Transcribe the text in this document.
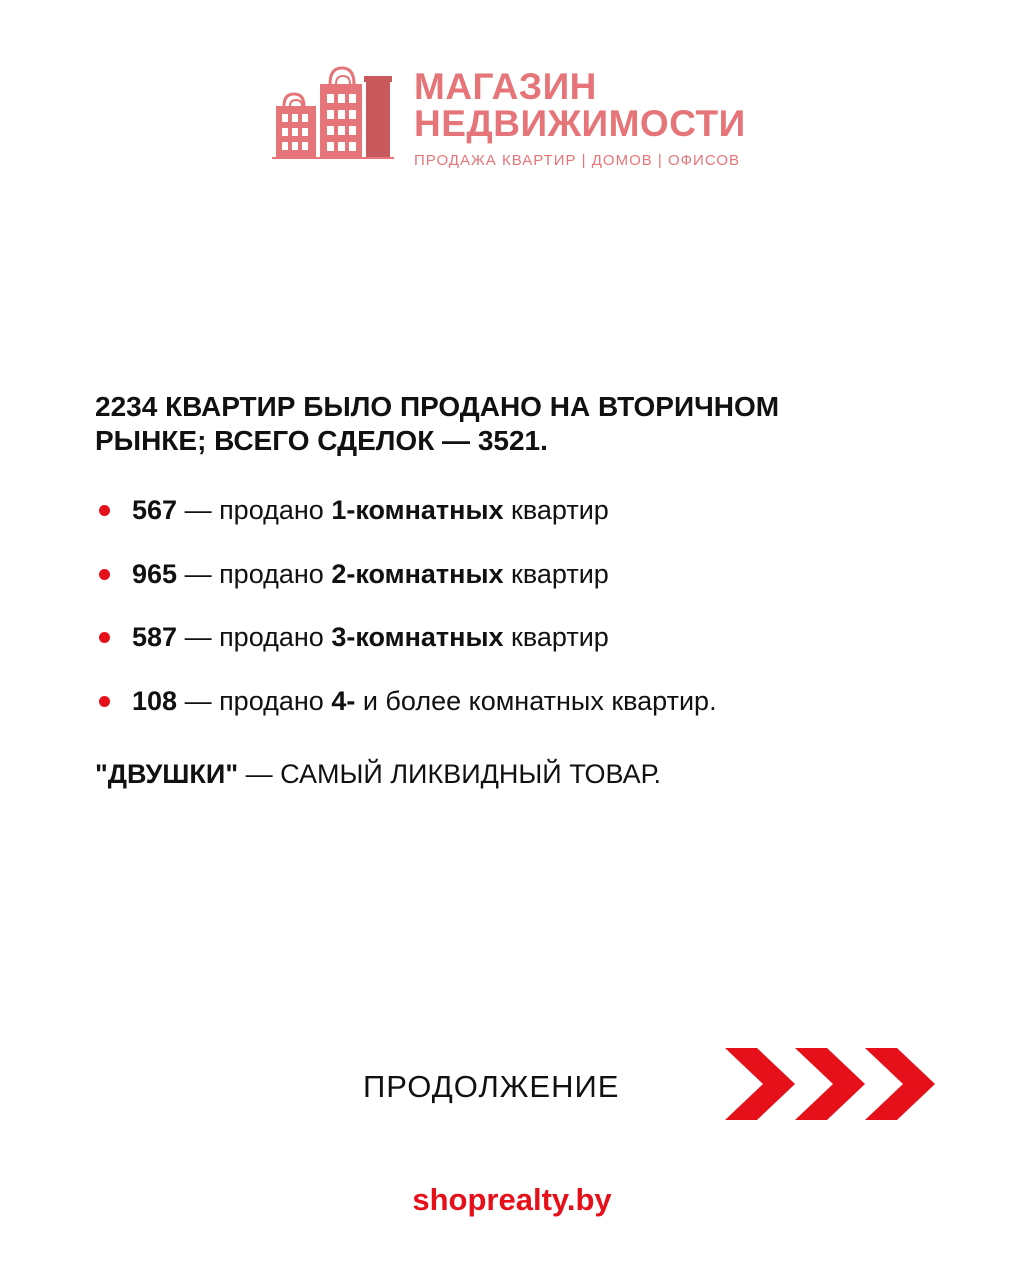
МАГАЗИН
НЕДВИЖИМОСТИ
ПРОДАЖА КВАРТИР | ДОМОВ | ОФИСОВ
2234 КВАРТИР БЫЛО ПРОДАНО НА ВТОРИЧНОМ
РЫНКЕ; ВСЕГО СДЕЛОК — 3521.
567 — продано 1-комнатных квартир
965 — продано 2-комнатных квартир
587 — продано 3-комнатных квартир
108 — продано 4- и более комнатных квартир.
"ДВУШКИ" — САМЫЙ ЛИКВИДНЫЙ ТОВАР.
ПРОДОЛЖЕНИЕ
shoprealty.by
